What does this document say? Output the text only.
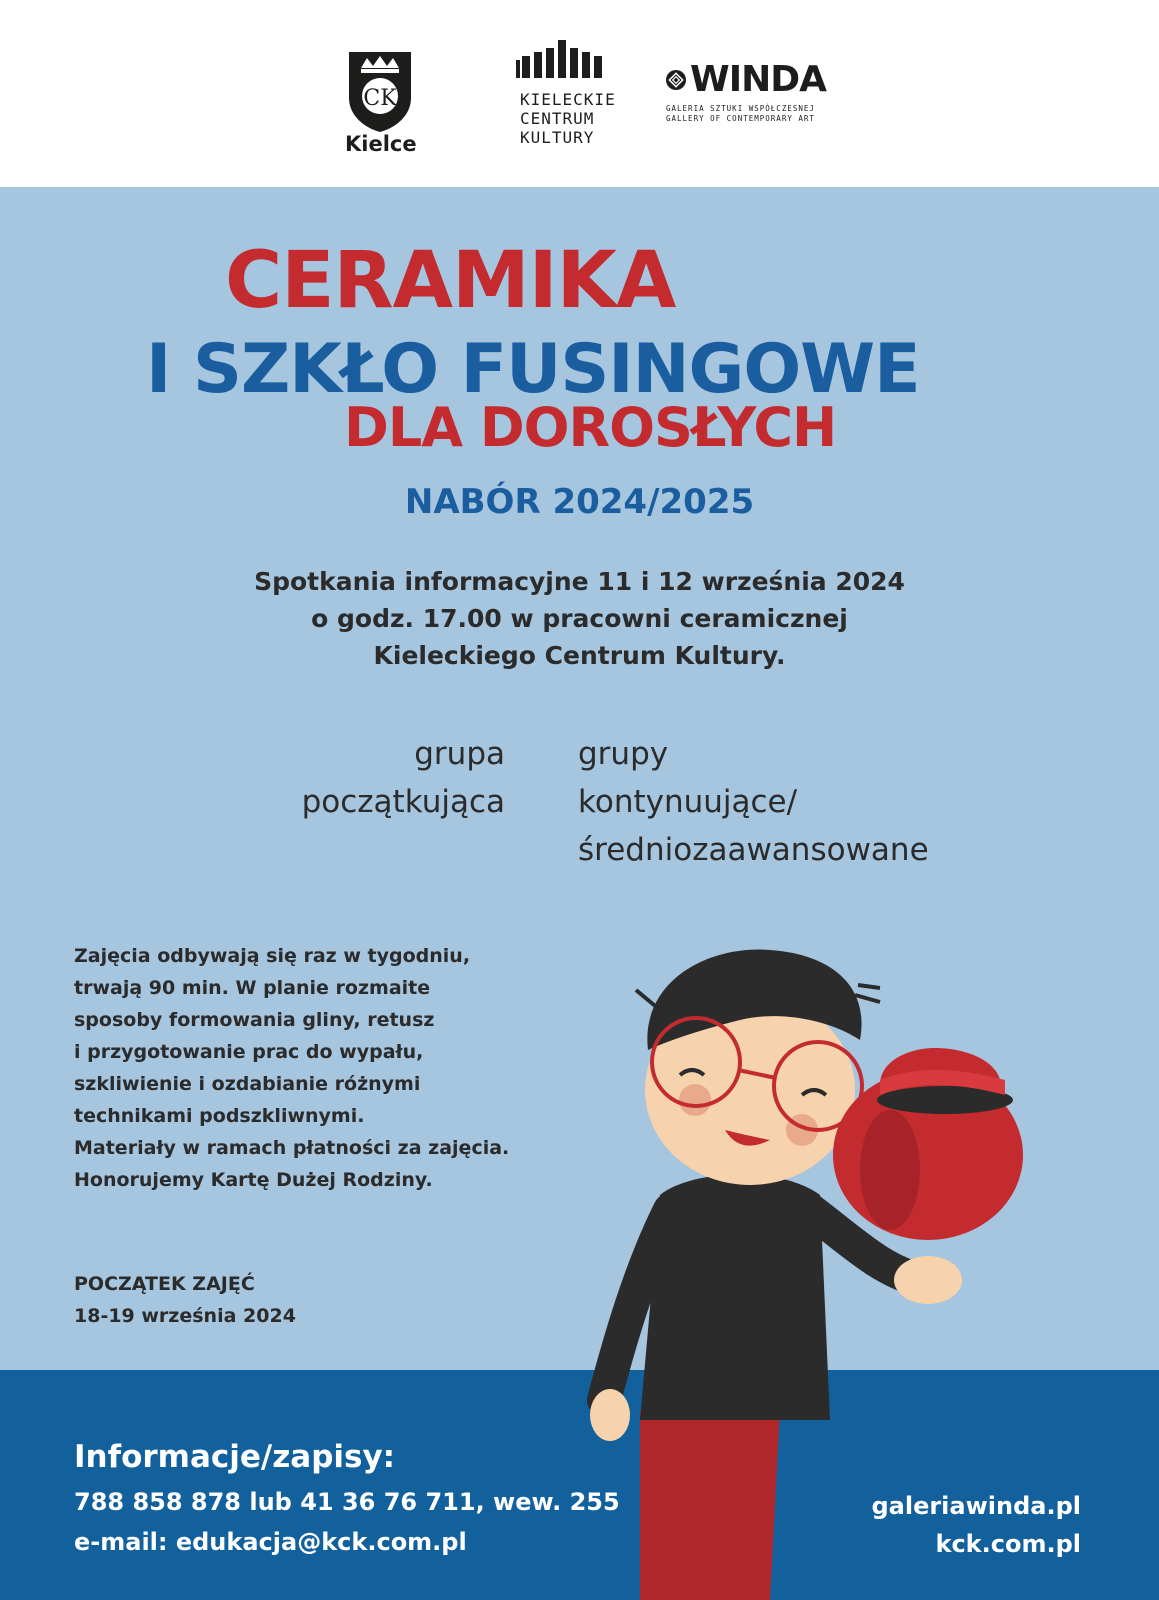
CK
Kielce
KIELECKIE
CENTRUM
KULTURY
WINDA
GALERIA SZTUKI WSPÓŁCZESNEJ
GALLERY OF CONTEMPORARY ART
CERAMIKA
I SZKŁO FUSINGOWE
DLA DOROSŁYCH
NABÓR 2024/2025
Spotkania informacyjne 11 i 12 września 2024
o godz. 17.00 w pracowni ceramicznej
Kieleckiego Centrum Kultury.
grupa
początkująca
grupy
kontynuujące/
średniozaawansowane
Zajęcia odbywają się raz w tygodniu,
trwają 90 min. W planie rozmaite
sposoby formowania gliny, retusz
i przygotowanie prac do wypału,
szkliwienie i ozdabianie różnymi
technikami podszkliwnymi.
Materiały w ramach płatności za zajęcia.
Honorujemy Kartę Dużej Rodziny.
POCZĄTEK ZAJĘĆ
18-19 września 2024
Informacje/zapisy:
788 858 878 lub 41 36 76 711, wew. 255
e-mail: edukacja@kck.com.pl
galeriawinda.pl
kck.com.pl
